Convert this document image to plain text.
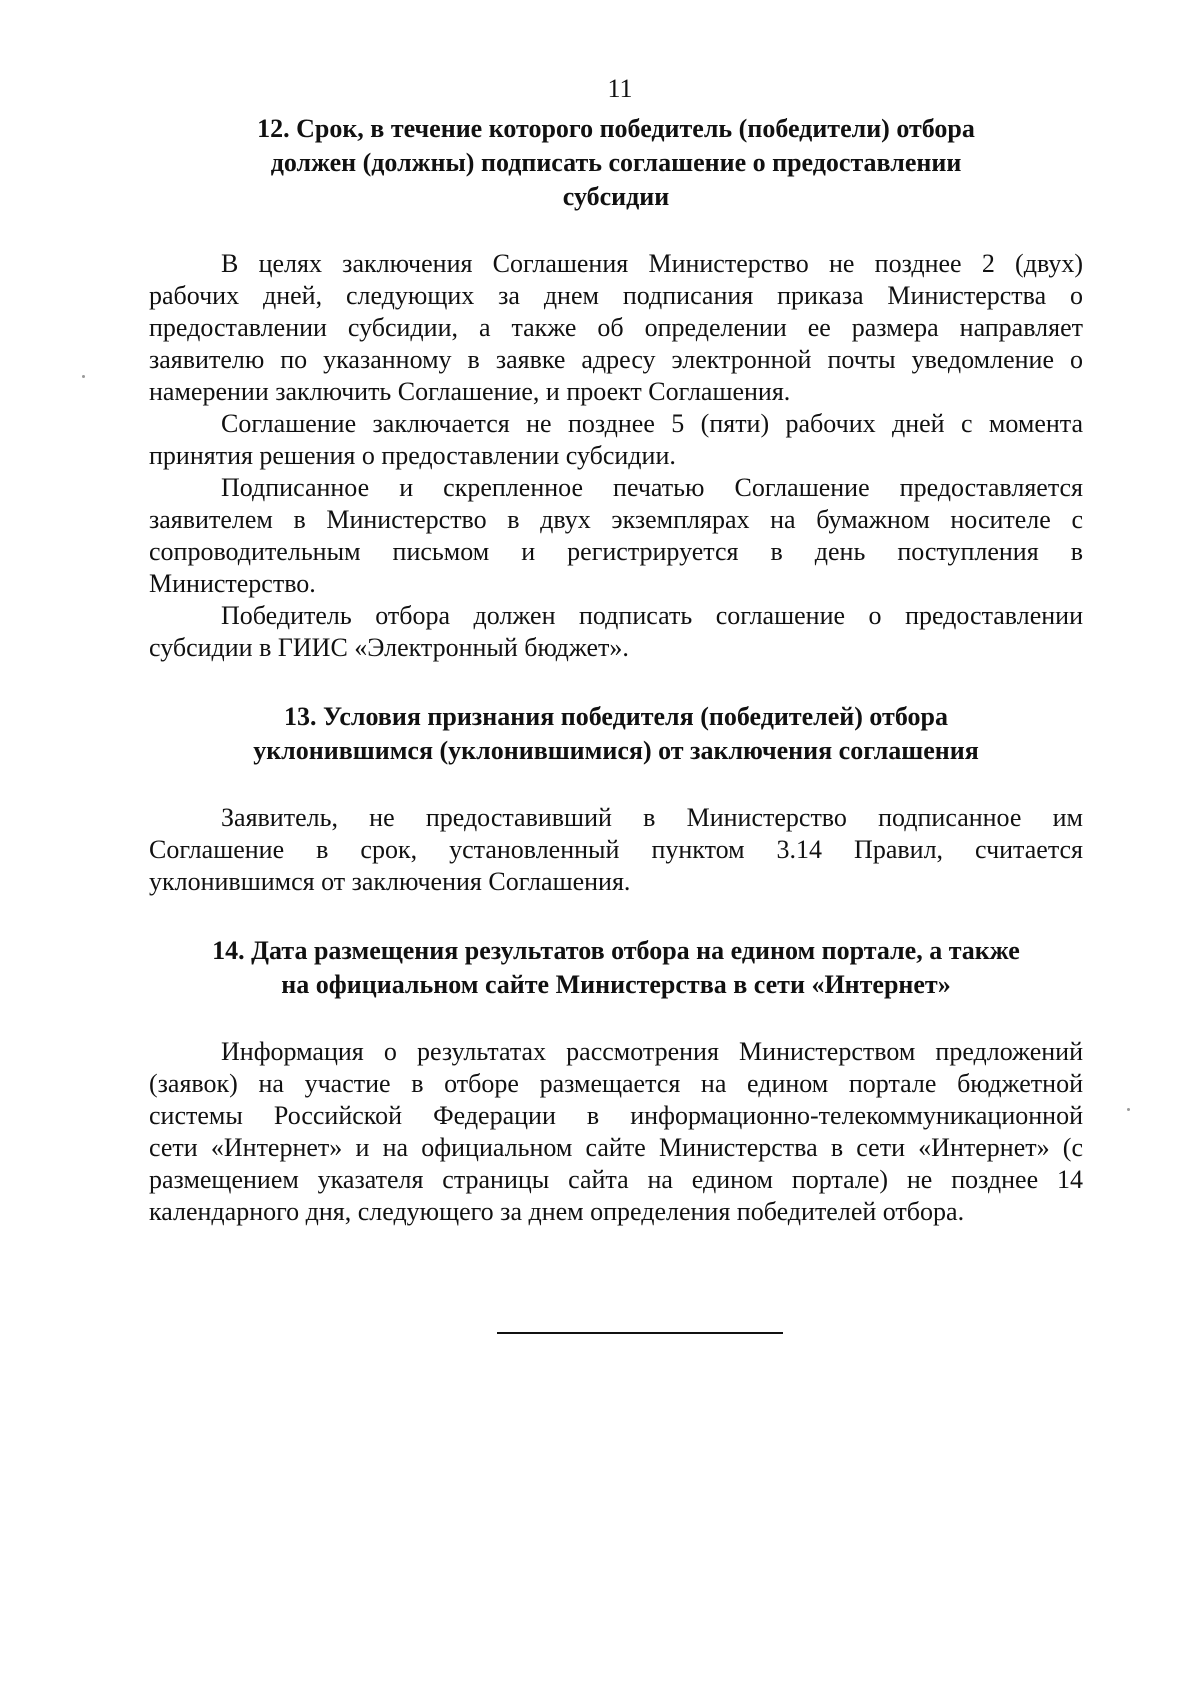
11
12. Срок, в течение которого победитель (победители) отбора
должен (должны) подписать соглашение о предоставлении
субсидии

В целях заключения Соглашения Министерство не позднее 2 (двух)
рабочих дней, следующих за днем подписания приказа Министерства о
предоставлении субсидии, а также об определении ее размера направляет
заявителю по указанному в заявке адресу электронной почты уведомление о
намерении заключить Соглашение, и проект Соглашения.

Соглашение заключается не позднее 5 (пяти) рабочих дней с момента
принятия решения о предоставлении субсидии.

Подписанное и скрепленное печатью Соглашение предоставляется
заявителем в Министерство в двух экземплярах на бумажном носителе с
сопроводительным письмом и регистрируется в день поступления в
Министерство.

Победитель отбора должен подписать соглашение о предоставлении
субсидии в ГИИС «Электронный бюджет».

13. Условия признания победителя (победителей) отбора
уклонившимся (уклонившимися) от заключения соглашения

Заявитель, не предоставивший в Министерство подписанное им
Соглашение в срок, установленный пунктом 3.14 Правил, считается
уклонившимся от заключения Соглашения.

14. Дата размещения результатов отбора на едином портале, а также
на официальном сайте Министерства в сети «Интернет»

Информация о результатах рассмотрения Министерством предложений
(заявок) на участие в отборе размещается на едином портале бюджетной
системы Российской Федерации в информационно-телекоммуникационной
сети «Интернет» и на официальном сайте Министерства в сети «Интернет» (с
размещением указателя страницы сайта на едином портале) не позднее 14
календарного дня, следующего за днем определения победителей отбора.
